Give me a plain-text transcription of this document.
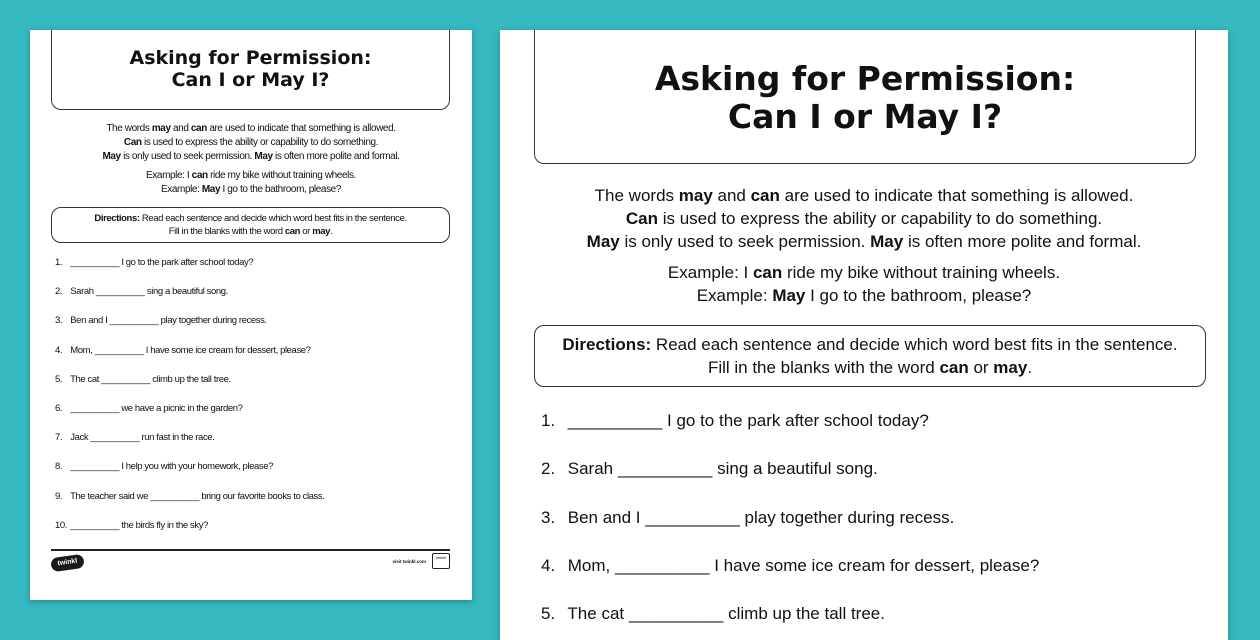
Asking for Permission:
Can I or May I?
The words may and can are used to indicate that something is allowed.
Can is used to express the ability or capability to do something.
May is only used to seek permission. May is often more polite and formal.
Example: I can ride my bike without training wheels.
Example: May I go to the bathroom, please?
Directions: Read each sentence and decide which word best fits in the sentence.
Fill in the blanks with the word can or may.
1. __________ I go to the park after school today?
2. Sarah __________ sing a beautiful song.
3. Ben and I __________ play together during recess.
4. Mom, __________ I have some ice cream for dessert, please?
5. The cat __________ climb up the tall tree.
6. __________ we have a picnic in the garden?
7. Jack __________ run fast in the race.
8. __________ I help you with your homework, please?
9. The teacher said we __________ bring our favorite books to class.
10. __________ the birds fly in the sky?
twinkl	visit twinkl.com
twinkl
Asking for Permission:
Can I or May I?
The words may and can are used to indicate that something is allowed.
Can is used to express the ability or capability to do something.
May is only used to seek permission. May is often more polite and formal.
Example: I can ride my bike without training wheels.
Example: May I go to the bathroom, please?
Directions: Read each sentence and decide which word best fits in the sentence.
Fill in the blanks with the word can or may.
1. __________ I go to the park after school today?
2. Sarah __________ sing a beautiful song.
3. Ben and I __________ play together during recess.
4. Mom, __________ I have some ice cream for dessert, please?
5. The cat __________ climb up the tall tree.
